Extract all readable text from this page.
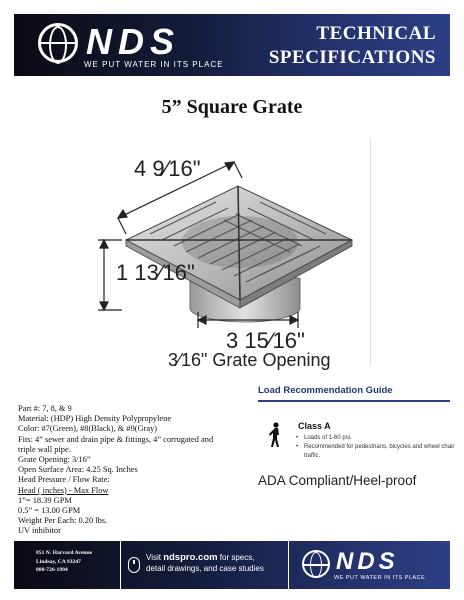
NDS
WE PUT WATER IN ITS PLACE
TECHNICAL
SPECIFICATIONS
5” Square Grate
4 9⁄16"
1 13⁄16"
3 15⁄16"
3⁄16" Grate Opening
Part #: 7, 8, & 9
Material: (HDP) High Density Polypropylene
Color: #7(Green), #8(Black), & #9(Gray)
Fits: 4” sewer and drain pipe & fittings, 4” corrugated and
triple wall pipe.
Grate Opening: 3/16”
Open Surface Area: 4.25 Sq. Inches
Head Pressure / Flow Rate:
Head ( inches) - Max Flow
1”= 18.39 GPM
0.5” = 13.00 GPM
Weight Per Each: 0.20 lbs.
UV inhibitor
Load Recommendation Guide
Class A
• Loads of 1-60 psi.
• Recommended for pedestrians, bicycles and wheel chair traffic.
ADA Compliant/Heel-proof
851 N. Harvard Avenue
Lindsay, CA 93247
800-726-1994
Visit ndspro.com for specs,
detail drawings, and case studies	NDS
WE PUT WATER IN ITS PLACE
